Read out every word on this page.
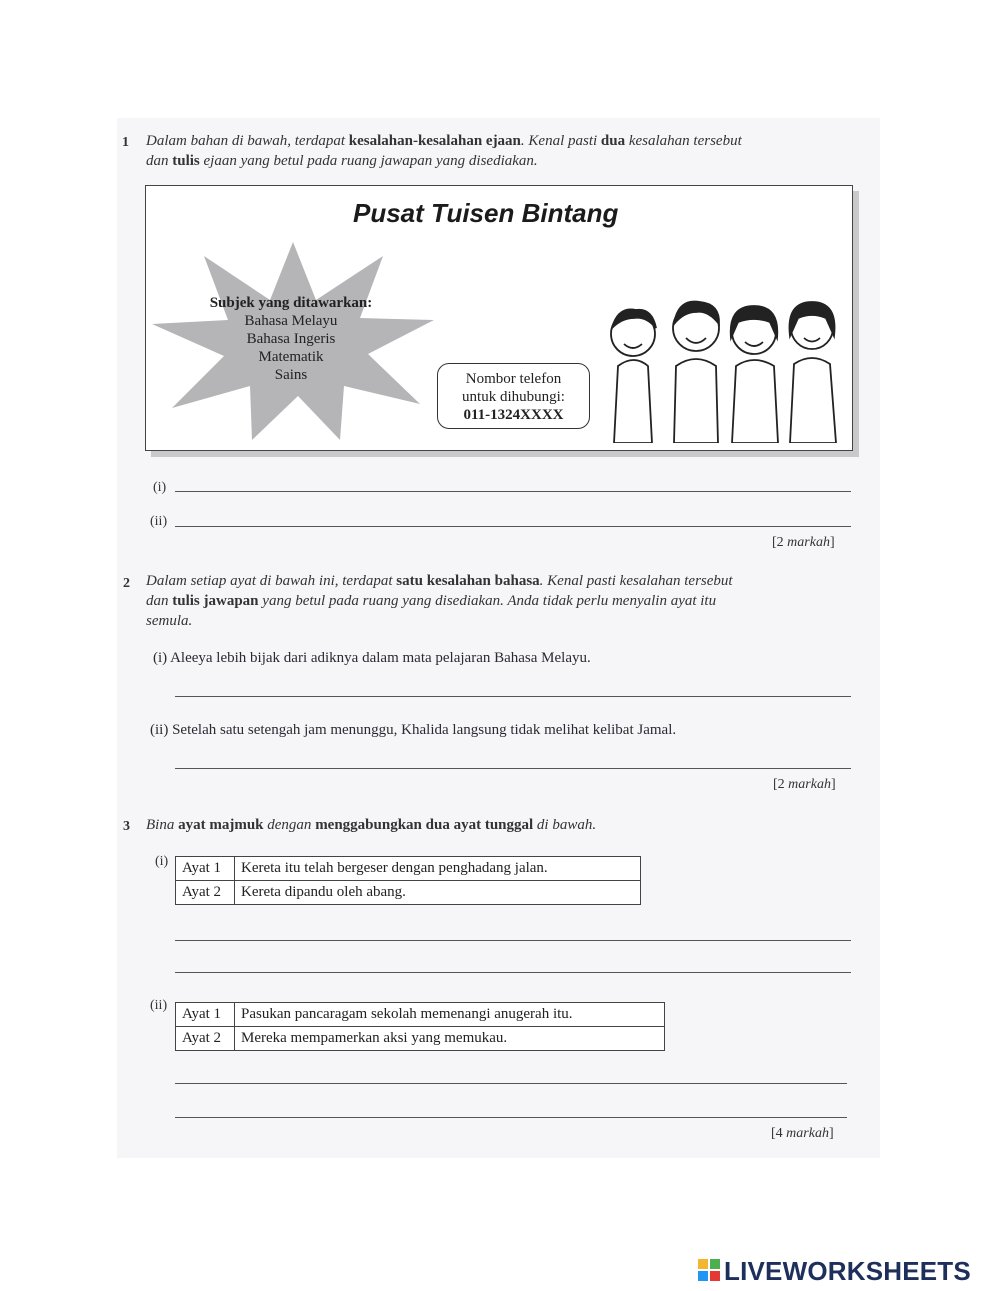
1 Dalam bahan di bawah, terdapat kesalahan-kesalahan ejaan. Kenal pasti dua kesalahan tersebut
dan tulis ejaan yang betul pada ruang jawapan yang disediakan.
Pusat Tuisen Bintang
Subjek yang ditawarkan:
Bahasa Melayu
Bahasa Ingeris
Matematik
Sains	Nombor telefon
untuk dihubungi:
011-1324XXXX
(i)
(ii)
[2 markah]
2 Dalam setiap ayat di bawah ini, terdapat satu kesalahan bahasa. Kenal pasti kesalahan tersebut
dan tulis jawapan yang betul pada ruang yang disediakan. Anda tidak perlu menyalin ayat itu
semula.
(i) Aleeya lebih bijak dari adiknya dalam mata pelajaran Bahasa Melayu.
(ii) Setelah satu setengah jam menunggu, Khalida langsung tidak melihat kelibat Jamal.
[2 markah]
3 Bina ayat majmuk dengan menggabungkan dua ayat tunggal di bawah.
(i) Ayat 1	Kereta itu telah bergeser dengan penghadang jalan.
Ayat 2	Kereta dipandu oleh abang.
(ii)
Ayat 1	Pasukan pancaragam sekolah memenangi anugerah itu.
Ayat 2	Mereka mempamerkan aksi yang memukau.
[4 markah]
LIVEWORKSHEETS
